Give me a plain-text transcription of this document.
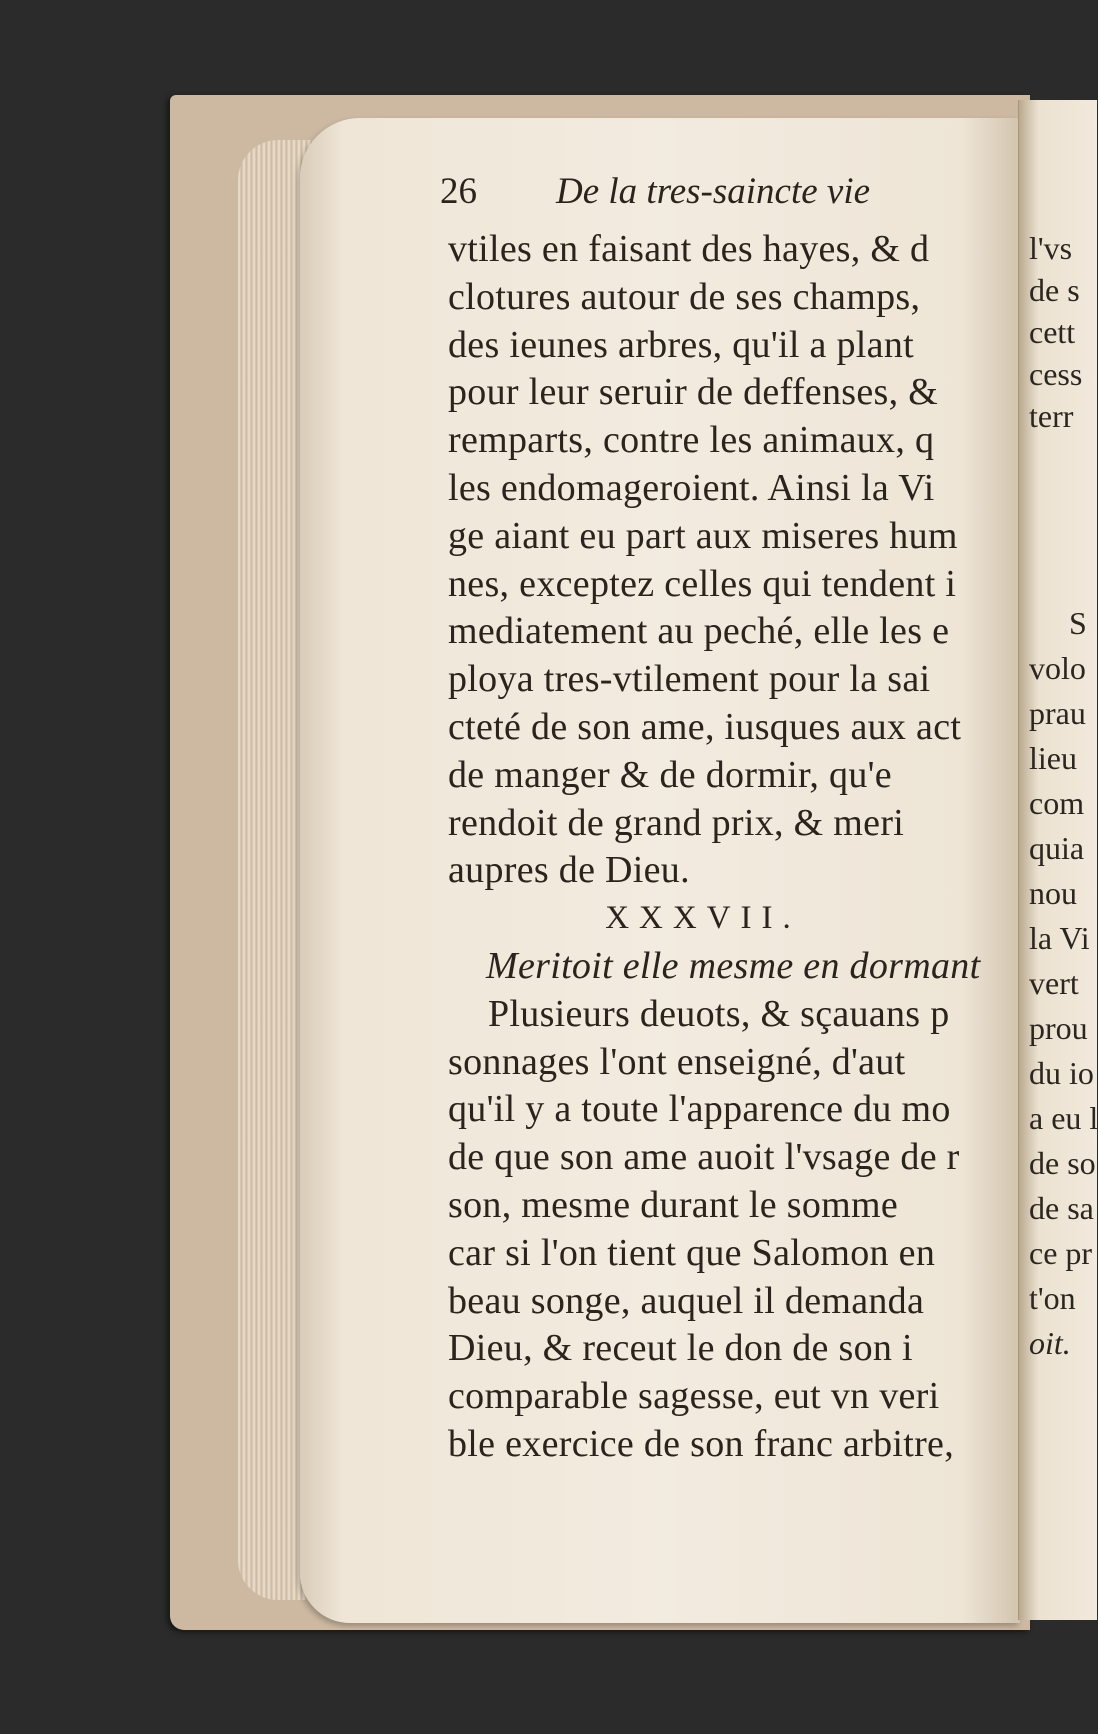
l'vs
de s
cett
cess
terr
S
volo
prau
lieu
com
quia
nou
la Vi
vert
prou
du io
a eu l
de so
de sa
ce pr
t'on
oit.
26 De la tres-saincte vie
vtiles en faisant des hayes, & d
clotures autour de ses champs,
des ieunes arbres, qu'il a plant
pour leur seruir de deffenses, &
remparts, contre les animaux, q
les endomageroient. Ainsi la Vi
ge aiant eu part aux miseres hum
nes, exceptez celles qui tendent i
mediatement au peché, elle les e
ploya tres-vtilement pour la sai
cteté de son ame, iusques aux act
de manger & de dormir, qu'e
rendoit de grand prix, & meri
aupres de Dieu.
XXXVII.
Meritoit elle mesme en dormant
Plusieurs deuots, & sçauans p
sonnages l'ont enseigné, d'aut
qu'il y a toute l'apparence du mo
de que son ame auoit l'vsage de r
son, mesme durant le somme
car si l'on tient que Salomon en
beau songe, auquel il demanda
Dieu, & receut le don de son i
comparable sagesse, eut vn veri
ble exercice de son franc arbitre,
